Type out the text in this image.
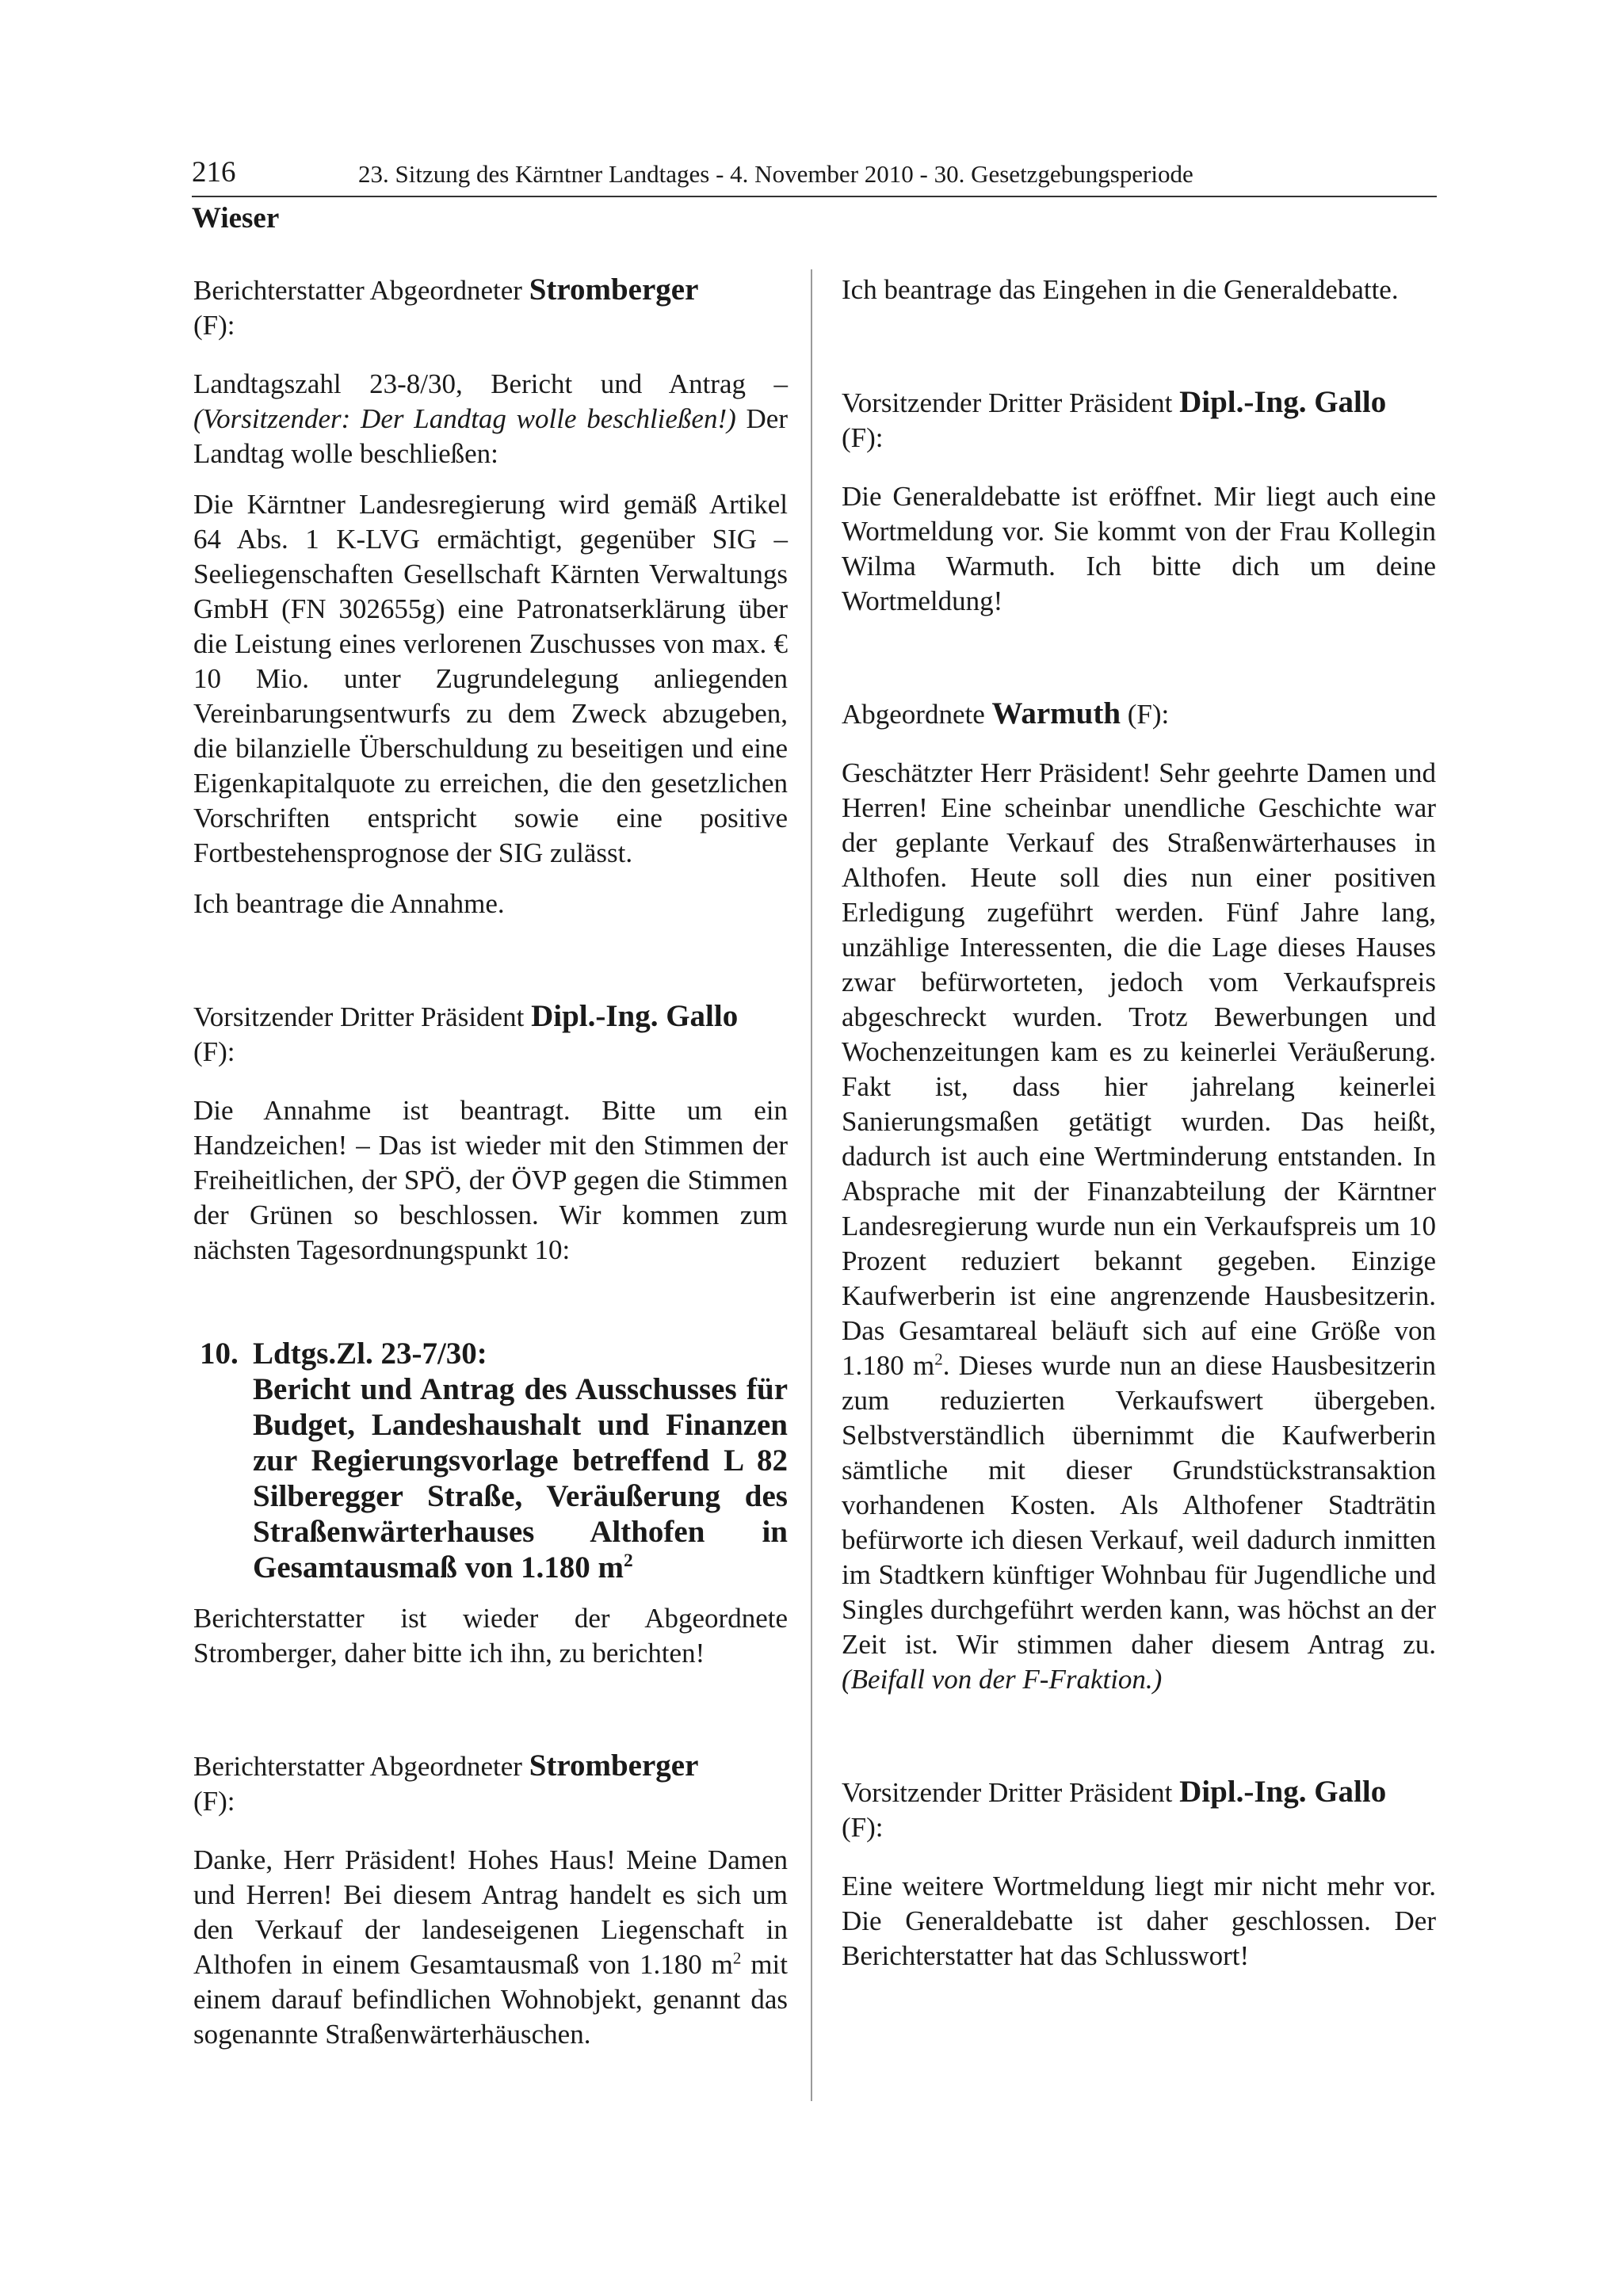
216	23. Sitzung des Kärntner Landtages - 4. November 2010 - 30. Gesetzgebungsperiode
Wieser

Berichterstatter Abgeordneter Stromberger
(F):

Landtagszahl 23-8/30, Bericht und Antrag – (Vorsitzender: Der Landtag wolle beschließen!) Der Landtag wolle beschließen:

Die Kärntner Landesregierung wird gemäß Artikel 64 Abs. 1 K-LVG ermächtigt, gegenüber SIG – Seeliegenschaften Gesellschaft Kärnten Verwaltungs GmbH (FN 302655g) eine Patronatserklärung über die Leistung eines verlorenen Zuschusses von max. € 10 Mio. unter Zugrundelegung anliegenden Vereinbarungsentwurfs zu dem Zweck abzugeben, die bilanzielle Überschuldung zu beseitigen und eine Eigenkapitalquote zu erreichen, die den gesetzlichen Vorschriften entspricht sowie eine positive Fortbestehensprognose der SIG zulässt.

Ich beantrage die Annahme.

Vorsitzender Dritter Präsident Dipl.-Ing. Gallo
(F):

Die Annahme ist beantragt. Bitte um ein Handzeichen! – Das ist wieder mit den Stimmen der Freiheitlichen, der SPÖ, der ÖVP gegen die Stimmen der Grünen so beschlossen. Wir kommen zum nächsten Tagesordnungspunkt 10:

10. Ldtgs.Zl. 23-7/30:
Bericht und Antrag des Ausschusses für Budget, Landeshaushalt und Finanzen zur Regierungsvorlage betreffend L 82 Silberegger Straße, Veräußerung des Straßenwärterhauses Althofen in Gesamtausmaß von 1.180 $m^2$

Berichterstatter ist wieder der Abgeordnete Stromberger, daher bitte ich ihn, zu berichten!

Berichterstatter Abgeordneter Stromberger
(F):

Danke, Herr Präsident! Hohes Haus! Meine Damen und Herren! Bei diesem Antrag handelt es sich um den Verkauf der landeseigenen Liegenschaft in Althofen in einem Gesamtausmaß von 1.180 $m^2$ mit einem darauf befindlichen Wohnobjekt, genannt das sogenannte Straßenwärterhäuschen.

Ich beantrage das Eingehen in die Generaldebatte.

Vorsitzender Dritter Präsident Dipl.-Ing. Gallo
(F):

Die Generaldebatte ist eröffnet. Mir liegt auch eine Wortmeldung vor. Sie kommt von der Frau Kollegin Wilma Warmuth. Ich bitte dich um deine Wortmeldung!

Abgeordnete Warmuth (F):

Geschätzter Herr Präsident! Sehr geehrte Damen und Herren! Eine scheinbar unendliche Geschichte war der geplante Verkauf des Straßenwärterhauses in Althofen. Heute soll dies nun einer positiven Erledigung zugeführt werden. Fünf Jahre lang, unzählige Interessenten, die die Lage dieses Hauses zwar befürworteten, jedoch vom Verkaufspreis abgeschreckt wurden. Trotz Bewerbungen und Wochenzeitungen kam es zu keinerlei Veräußerung. Fakt ist, dass hier jahrelang keinerlei Sanierungsmaßen getätigt wurden. Das heißt, dadurch ist auch eine Wertminderung entstanden. In Absprache mit der Finanzabteilung der Kärntner Landesregierung wurde nun ein Verkaufspreis um 10 Prozent reduziert bekannt gegeben. Einzige Kaufwerberin ist eine angrenzende Hausbesitzerin. Das Gesamtareal beläuft sich auf eine Größe von 1.180 $m^2$. Dieses wurde nun an diese Hausbesitzerin zum reduzierten Verkaufswert übergeben. Selbstverständlich übernimmt die Kaufwerberin sämtliche mit dieser Grundstückstransaktion vorhandenen Kosten. Als Althofener Stadträtin befürworte ich diesen Verkauf, weil dadurch inmitten im Stadtkern künftiger Wohnbau für Jugendliche und Singles durchgeführt werden kann, was höchst an der Zeit ist. Wir stimmen daher diesem Antrag zu. (Beifall von der F-Fraktion.)

Vorsitzender Dritter Präsident Dipl.-Ing. Gallo
(F):

Eine weitere Wortmeldung liegt mir nicht mehr vor. Die Generaldebatte ist daher geschlossen. Der Berichterstatter hat das Schlusswort!
